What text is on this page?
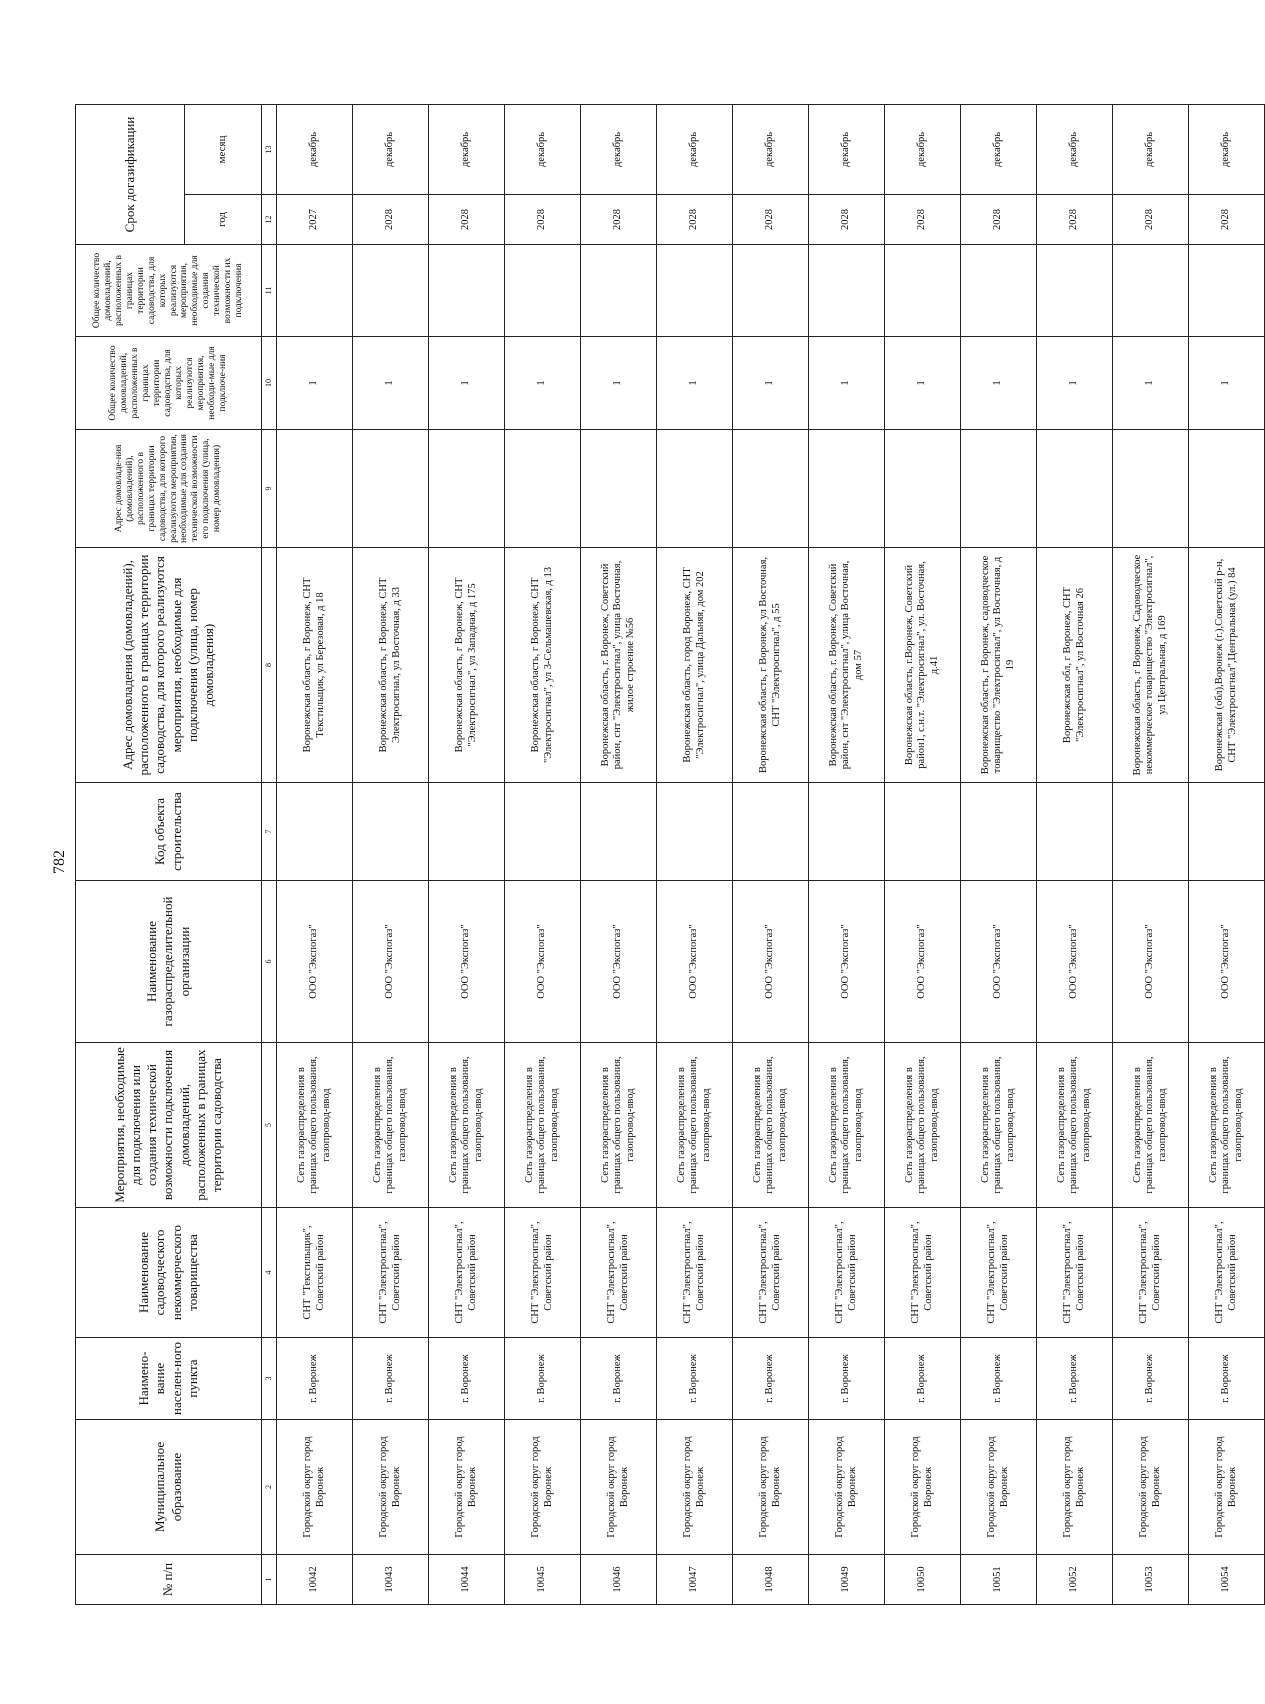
782
№ п/п	Муниципальное образование	Наимено-вание населен-ного пункта	Наименование садоводческого некоммерческого товарищества	Мероприятия, необходимые для подключения или создания технической возможности подключения домовладений, расположенных в границах территории садоводства	Наименование газораспределительной организации	Код объекта строительства	Адрес домовладения (домовладений), расположенного в границах территории садоводства, для которого реализуются мероприятия, необходимые для подключения (улица, номер домовладения)	Адрес домовладе-ния (домовладений), расположенного в границах территории садоводства, для которого реализуются мероприятия, необходимые для создания технической возможности его подключения (улица, номер домовладения)	Общее количество домовладений, расположенных в границах территории садоводства, для которых реализуются мероприятия, необходи-мые для подключе-ния	Общее количество домовладений, расположенных в границах территории садоводства, для которых реализуются мероприятия, необходимые для создания технической возможности их подключения	Срок догазификации	
											год	месяц
1	2	3	4	5	6	7	8	9	10	11	12	13
10042	Городской округ город Воронеж	г. Воронеж	СНТ "Текстильщик", Советский район	Сеть газораспределения в границах общего пользования, газопровод-ввод	ООО "Экспогаз"		Воронежская область, г Воронеж, СНТ Текстильщик, ул Березовая, д 18		1		2027	декабрь
10043	Городской округ город Воронеж	г. Воронеж	СНТ "Электросигнал", Советский район	Сеть газораспределения в границах общего пользования, газопровод-ввод	ООО "Экспогаз"		Воронежская область, г Воронеж, СНТ Электросигнал, ул Восточная, д 33		1		2028	декабрь
10044	Городской округ город Воронеж	г. Воронеж	СНТ "Электросигнал", Советский район	Сеть газораспределения в границах общего пользования, газопровод-ввод	ООО "Экспогаз"		Воронежская область, г Воронеж, СНТ "Электросигнал", ул Западная, д 175		1		2028	декабрь
10045	Городской округ город Воронеж	г. Воронеж	СНТ "Электросигнал", Советский район	Сеть газораспределения в границах общего пользования, газопровод-ввод	ООО "Экспогаз"		Воронежская область, г Воронеж, СНТ "Электросигнал", ул 3-Сельмашевская, д 13		1		2028	декабрь
10046	Городской округ город Воронеж	г. Воронеж	СНТ "Электросигнал", Советский район	Сеть газораспределения в границах общего пользования, газопровод-ввод	ООО "Экспогаз"		Воронежская область, г. Воронеж, Советский район, снт "Электросигнал", улица Восточная, жилое строение №56		1		2028	декабрь
10047	Городской округ город Воронеж	г. Воронеж	СНТ "Электросигнал", Советский район	Сеть газораспределения в границах общего пользования, газопровод-ввод	ООО "Экспогаз"		Воронежская область, город Воронеж, СНТ "Электросигнал", улица Дальняя, дом 202		1		2028	декабрь
10048	Городской округ город Воронеж	г. Воронеж	СНТ "Электросигнал", Советский район	Сеть газораспределения в границах общего пользования, газопровод-ввод	ООО "Экспогаз"		Воронежская область, г Воронеж, ул Восточная, СНТ "Электросигнал", д 55		1		2028	декабрь
10049	Городской округ город Воронеж	г. Воронеж	СНТ "Электросигнал", Советский район	Сеть газораспределения в границах общего пользования, газопровод-ввод	ООО "Экспогаз"		Воронежская область, г. Воронеж, Советский район, снт "Электросигнал", улица Восточная, дом 57		1		2028	декабрь
10050	Городской округ город Воронеж	г. Воронеж	СНТ "Электросигнал", Советский район	Сеть газораспределения в границах общего пользования, газопровод-ввод	ООО "Экспогаз"		Воронежская область, г.Воронеж, Советский район1, с.н.т. "Электросигнал", ул. Восточная, д.41		1		2028	декабрь
10051	Городской округ город Воронеж	г. Воронеж	СНТ "Электросигнал", Советский район	Сеть газораспределения в границах общего пользования, газопровод-ввод	ООО "Экспогаз"		Воронежская область, г Воронеж, садоводческое товарищество "Электросигнал", ул Восточная, д 19		1		2028	декабрь
10052	Городской округ город Воронеж	г. Воронеж	СНТ "Электросигнал", Советский район	Сеть газораспределения в границах общего пользования, газопровод-ввод	ООО "Экспогаз"		Воронежская обл, г Воронеж, СНТ "Электросигнал", ул Восточная 26		1		2028	декабрь
10053	Городской округ город Воронеж	г. Воронеж	СНТ "Электросигнал", Советский район	Сеть газораспределения в границах общего пользования, газопровод-ввод	ООО "Экспогаз"		Воронежская область, г Воронеж, Садоводческое некоммерческое товарищество "Электросигнал", ул Центральная, д 169		1		2028	декабрь
10054	Городской округ город Воронеж	г. Воронеж	СНТ "Электросигнал", Советский район	Сеть газораспределения в границах общего пользования, газопровод-ввод	ООО "Экспогаз"		Воронежская (обл),Воронеж (г.),Советский р-н, СНТ "Электросигнал",Центральная (ул.) 84		1		2028	декабрь
